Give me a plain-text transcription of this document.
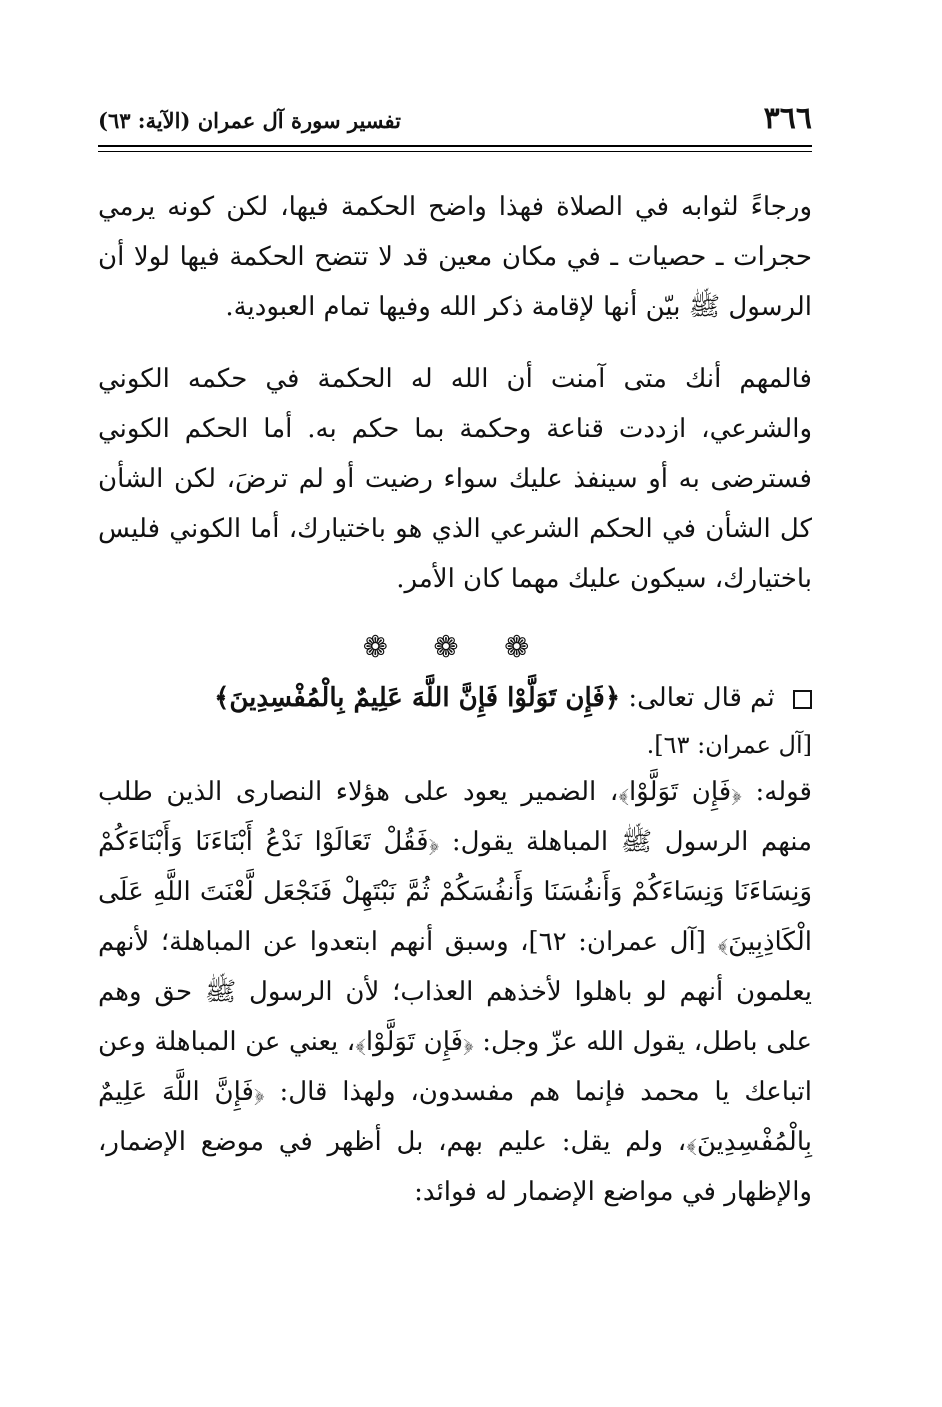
٣٦٦
تفسير سورة آل عمران (الآية: ٦٣)

ورجاءً لثوابه في الصلاة فهذا واضح الحكمة فيها، لكن كونه يرمي حجرات ـ حصيات ـ في مكان معين قد لا تتضح الحكمة فيها لولا أن الرسول ﷺ بيّن أنها لإقامة ذكر الله وفيها تمام العبودية.

فالمهم أنك متى آمنت أن الله له الحكمة في حكمه الكوني والشرعي، ازددت قناعة وحكمة بما حكم به. أما الحكم الكوني فسترضى به أو سينفذ عليك سواء رضيت أو لم ترضَ، لكن الشأن كل الشأن في الحكم الشرعي الذي هو باختيارك، أما الكوني فليس باختيارك، سيكون عليك مهما كان الأمر.

❁ ❁ ❁

ثم قال تعالى: ﴿فَإِن تَوَلَّوْا فَإِنَّ اللَّهَ عَلِيمٌ بِالْمُفْسِدِينَ﴾
[آل عمران: ٦٣].

قوله: ﴿فَإِن تَوَلَّوْا﴾، الضمير يعود على هؤلاء النصارى الذين طلب منهم الرسول ﷺ المباهلة يقول: ﴿فَقُلْ تَعَالَوْا نَدْعُ أَبْنَاءَنَا وَأَبْنَاءَكُمْ وَنِسَاءَنَا وَنِسَاءَكُمْ وَأَنفُسَنَا وَأَنفُسَكُمْ ثُمَّ نَبْتَهِلْ فَنَجْعَل لَّعْنَتَ اللَّهِ عَلَى الْكَاذِبِينَ﴾ [آل عمران: ٦٢]، وسبق أنهم ابتعدوا عن المباهلة؛ لأنهم يعلمون أنهم لو باهلوا لأخذهم العذاب؛ لأن الرسول ﷺ حق وهم على باطل، يقول الله عزّ وجل: ﴿فَإِن تَوَلَّوْا﴾، يعني عن المباهلة وعن اتباعك يا محمد فإنما هم مفسدون، ولهذا قال: ﴿فَإِنَّ اللَّهَ عَلِيمٌ بِالْمُفْسِدِينَ﴾، ولم يقل: عليم بهم، بل أظهر في موضع الإضمار، والإظهار في مواضع الإضمار له فوائد:
